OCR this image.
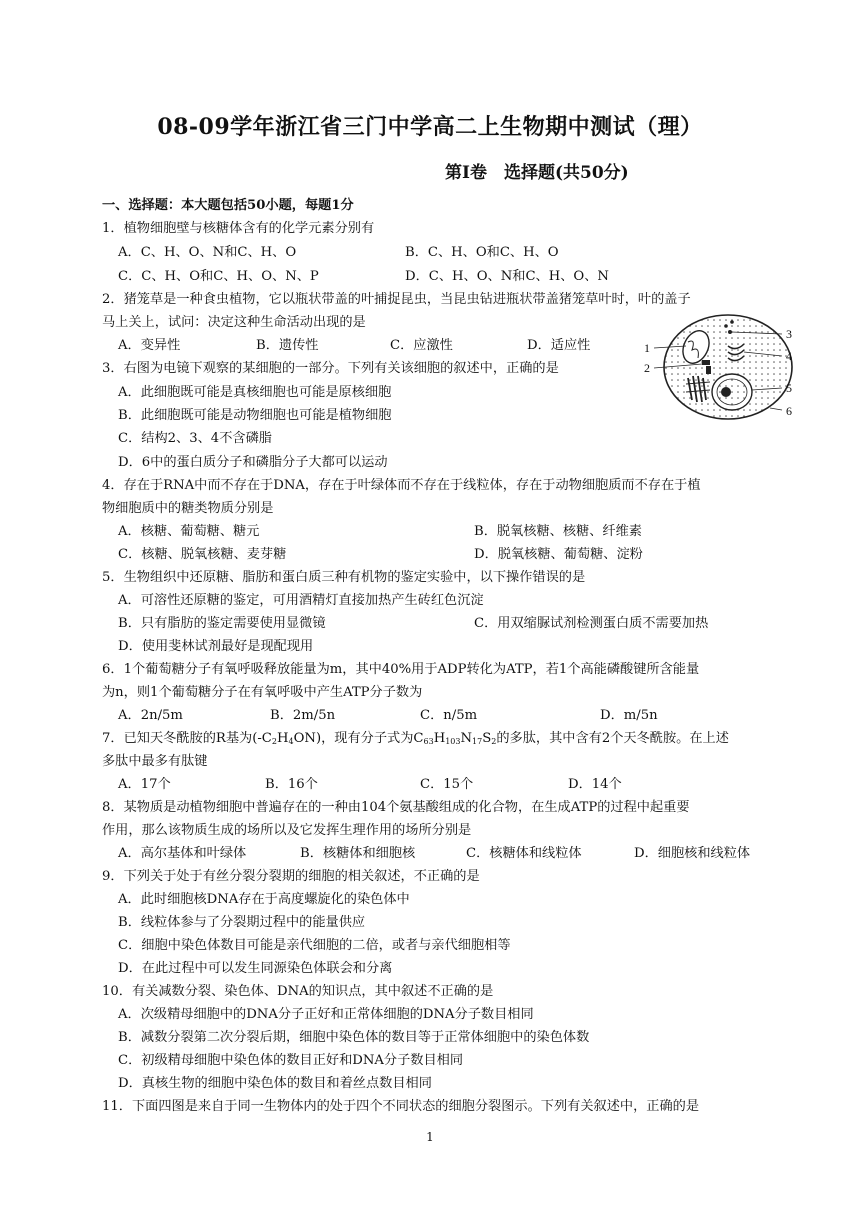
08-09学年浙江省三门中学高二上生物期中测试（理）
第Ⅰ卷　选择题(共50分)
一、选择题：本大题包括50小题，每题1分
1．植物细胞壁与核糖体含有的化学元素分别有
A．C、H、O、N和C、H、O	B．C、H、O和C、H、O
C．C、H、O和C、H、O、N、P	D．C、H、O、N和C、H、O、N
2．猪笼草是一种食虫植物，它以瓶状带盖的叶捕捉昆虫，当昆虫钻进瓶状带盖猪笼草叶时，叶的盖子
马上关上，试问：决定这种生命活动出现的是
A．变异性	B．遗传性	C．应激性	D．适应性
3．右图为电镜下观察的某细胞的一部分。下列有关该细胞的叙述中，正确的是
A．此细胞既可能是真核细胞也可能是原核细胞
B．此细胞既可能是动物细胞也可能是植物细胞
C．结构2、3、4不含磷脂
D．6中的蛋白质分子和磷脂分子大都可以运动
1
2
3
4
5
6
4．存在于RNA中而不存在于DNA，存在于叶绿体而不存在于线粒体，存在于动物细胞质而不存在于植
物细胞质中的糖类物质分别是
A．核糖、葡萄糖、糖元	B．脱氧核糖、核糖、纤维素
C．核糖、脱氧核糖、麦芽糖	D．脱氧核糖、葡萄糖、淀粉
5．生物组织中还原糖、脂肪和蛋白质三种有机物的鉴定实验中，以下操作错误的是
A．可溶性还原糖的鉴定，可用酒精灯直接加热产生砖红色沉淀
B．只有脂肪的鉴定需要使用显微镜	C．用双缩脲试剂检测蛋白质不需要加热
D．使用斐林试剂最好是现配现用
6．1个葡萄糖分子有氧呼吸释放能量为m，其中40%用于ADP转化为ATP，若1个高能磷酸键所含能量
为n，则1个葡萄糖分子在有氧呼吸中产生ATP分子数为
A．2n/5m	B．2m/5n	C．n/5m	D．m/5n
7．已知天冬酰胺的R基为$(-C_2H_4ON)$，现有分子式为$C_{63}H_{103}N_{17}S_2$的多肽，其中含有2个天冬酰胺。在上述
多肽中最多有肽键
A．17个	B．16个	C．15个	D．14个
8．某物质是动植物细胞中普遍存在的一种由104个氨基酸组成的化合物，在生成ATP的过程中起重要
作用，那么该物质生成的场所以及它发挥生理作用的场所分别是
A．高尔基体和叶绿体	B．核糖体和细胞核	C．核糖体和线粒体	D．细胞核和线粒体
9．下列关于处于有丝分裂分裂期的细胞的相关叙述，不正确的是
A．此时细胞核DNA存在于高度螺旋化的染色体中
B．线粒体参与了分裂期过程中的能量供应
C．细胞中染色体数目可能是亲代细胞的二倍，或者与亲代细胞相等
D．在此过程中可以发生同源染色体联会和分离
10．有关减数分裂、染色体、DNA的知识点，其中叙述不正确的是
A．次级精母细胞中的DNA分子正好和正常体细胞的DNA分子数目相同
B．减数分裂第二次分裂后期，细胞中染色体的数目等于正常体细胞中的染色体数
C．初级精母细胞中染色体的数目正好和DNA分子数目相同
D．真核生物的细胞中染色体的数目和着丝点数目相同
11．下面四图是来自于同一生物体内的处于四个不同状态的细胞分裂图示。下列有关叙述中，正确的是
1
